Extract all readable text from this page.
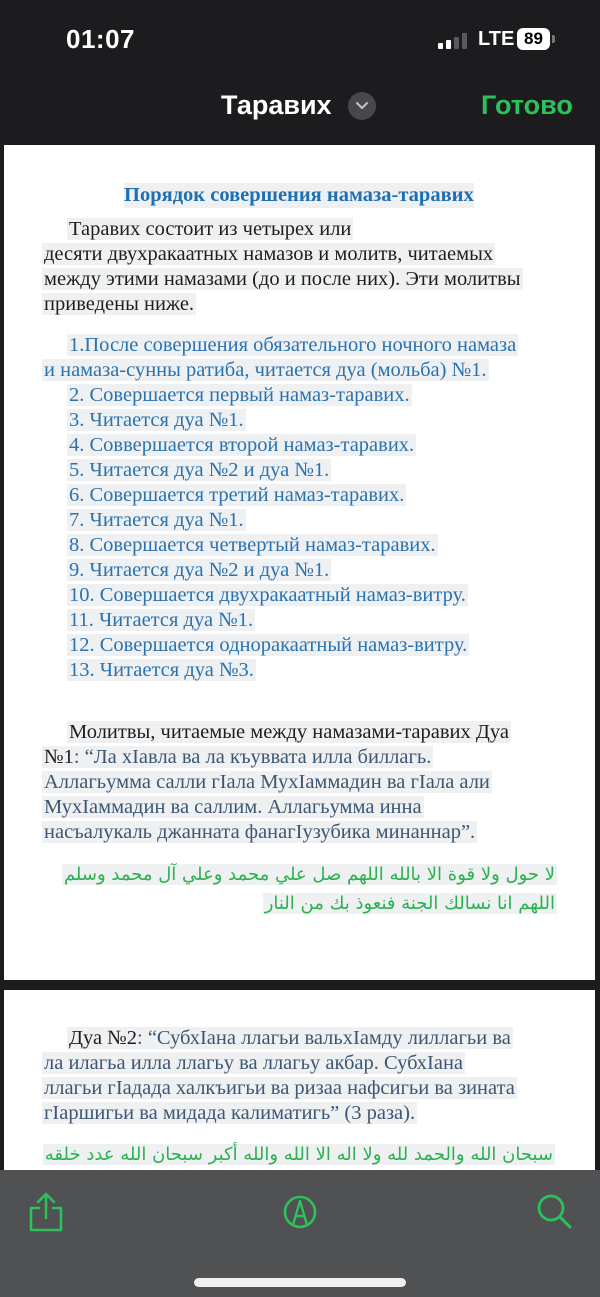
01:07	LTE 89
Таравих	Готово
Порядок совершения намаза-таравих
Таравих состоит из четырех или
десяти двухракаатных намазов и молитв, читаемых
между этими намазами (до и после них). Эти молитвы
приведены ниже.
1.После совершения обязательного ночного намаза
и намаза-сунны ратиба, читается дуа (мольба) №1.
2. Совершается первый намаз-таравих.
3. Читается дуа №1.
4. Соввершается второй намаз-таравих.
5. Читается дуа №2 и дуа №1.
6. Совершается третий намаз-таравих.
7. Читается дуа №1.
8. Совершается четвертый намаз-таравих.
9. Читается дуа №2 и дуа №1.
10. Совершается двухракаатный намаз-витру.
11. Читается дуа №1.
12. Совершается одноракаатный намаз-витру.
13. Читается дуа №3.
Молитвы, читаемые между намазами-таравих Дуа
№1: “Ла хIавла ва ла къуввата илла биллагь.
Аллагьумма салли гIала МухIаммадин ва гIала али
МухIаммадин ва саллим. Аллагьумма инна
насъалукаль джанната фанагIузубика минаннар”.
لا حول ولا قوة الا بالله اللهم صل علي محمد وعلي آل محمد وسلم
اللهم انا نسالك الجنة فنعوذ بك من النار
Дуа №2: “СубхIана ллагьи вальхIамду лиллагьи ва
ла илагьа илла ллагьу ва ллагьу акбар. СубхIана
ллагьи гIадада халкъигьи ва ризаа нафсигьи ва зината
гIаршигьи ва мидада калиматигь” (3 раза).
سبحان الله والحمد لله ولا اله الا الله والله أكبر سبحان الله عدد خلقه
